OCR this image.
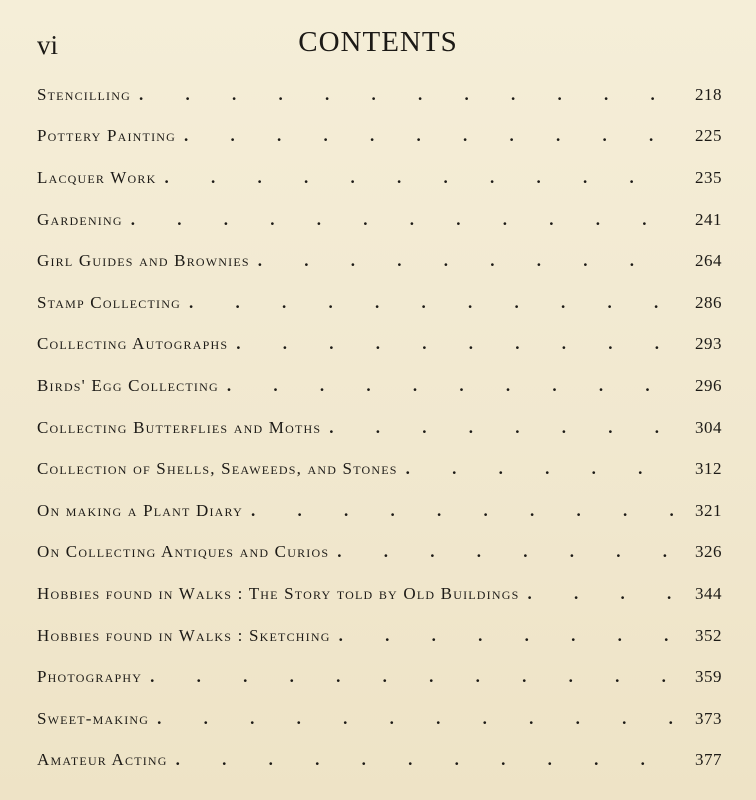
vi	CONTENTS
Stencilling . . .	218
Pottery Painting . . .	225
Lacquer Work . . .	235
Gardening . . .	241
Girl Guides and Brownies . . .	264
Stamp Collecting . . .	286
Collecting Autographs . . .	293
Birds' Egg Collecting . . .	296
Collecting Butterflies and Moths . . .	304
Collection of Shells, Seaweeds, and Stones . . .	312
On making a Plant Diary . . .	321
On Collecting Antiques and Curios . . .	326
Hobbies found in Walks : The Story told by Old Buildings . . .	344
Hobbies found in Walks : Sketching . . .	352
Photography . . .	359
Sweet-making . . .	373
Amateur Acting . . .	377
